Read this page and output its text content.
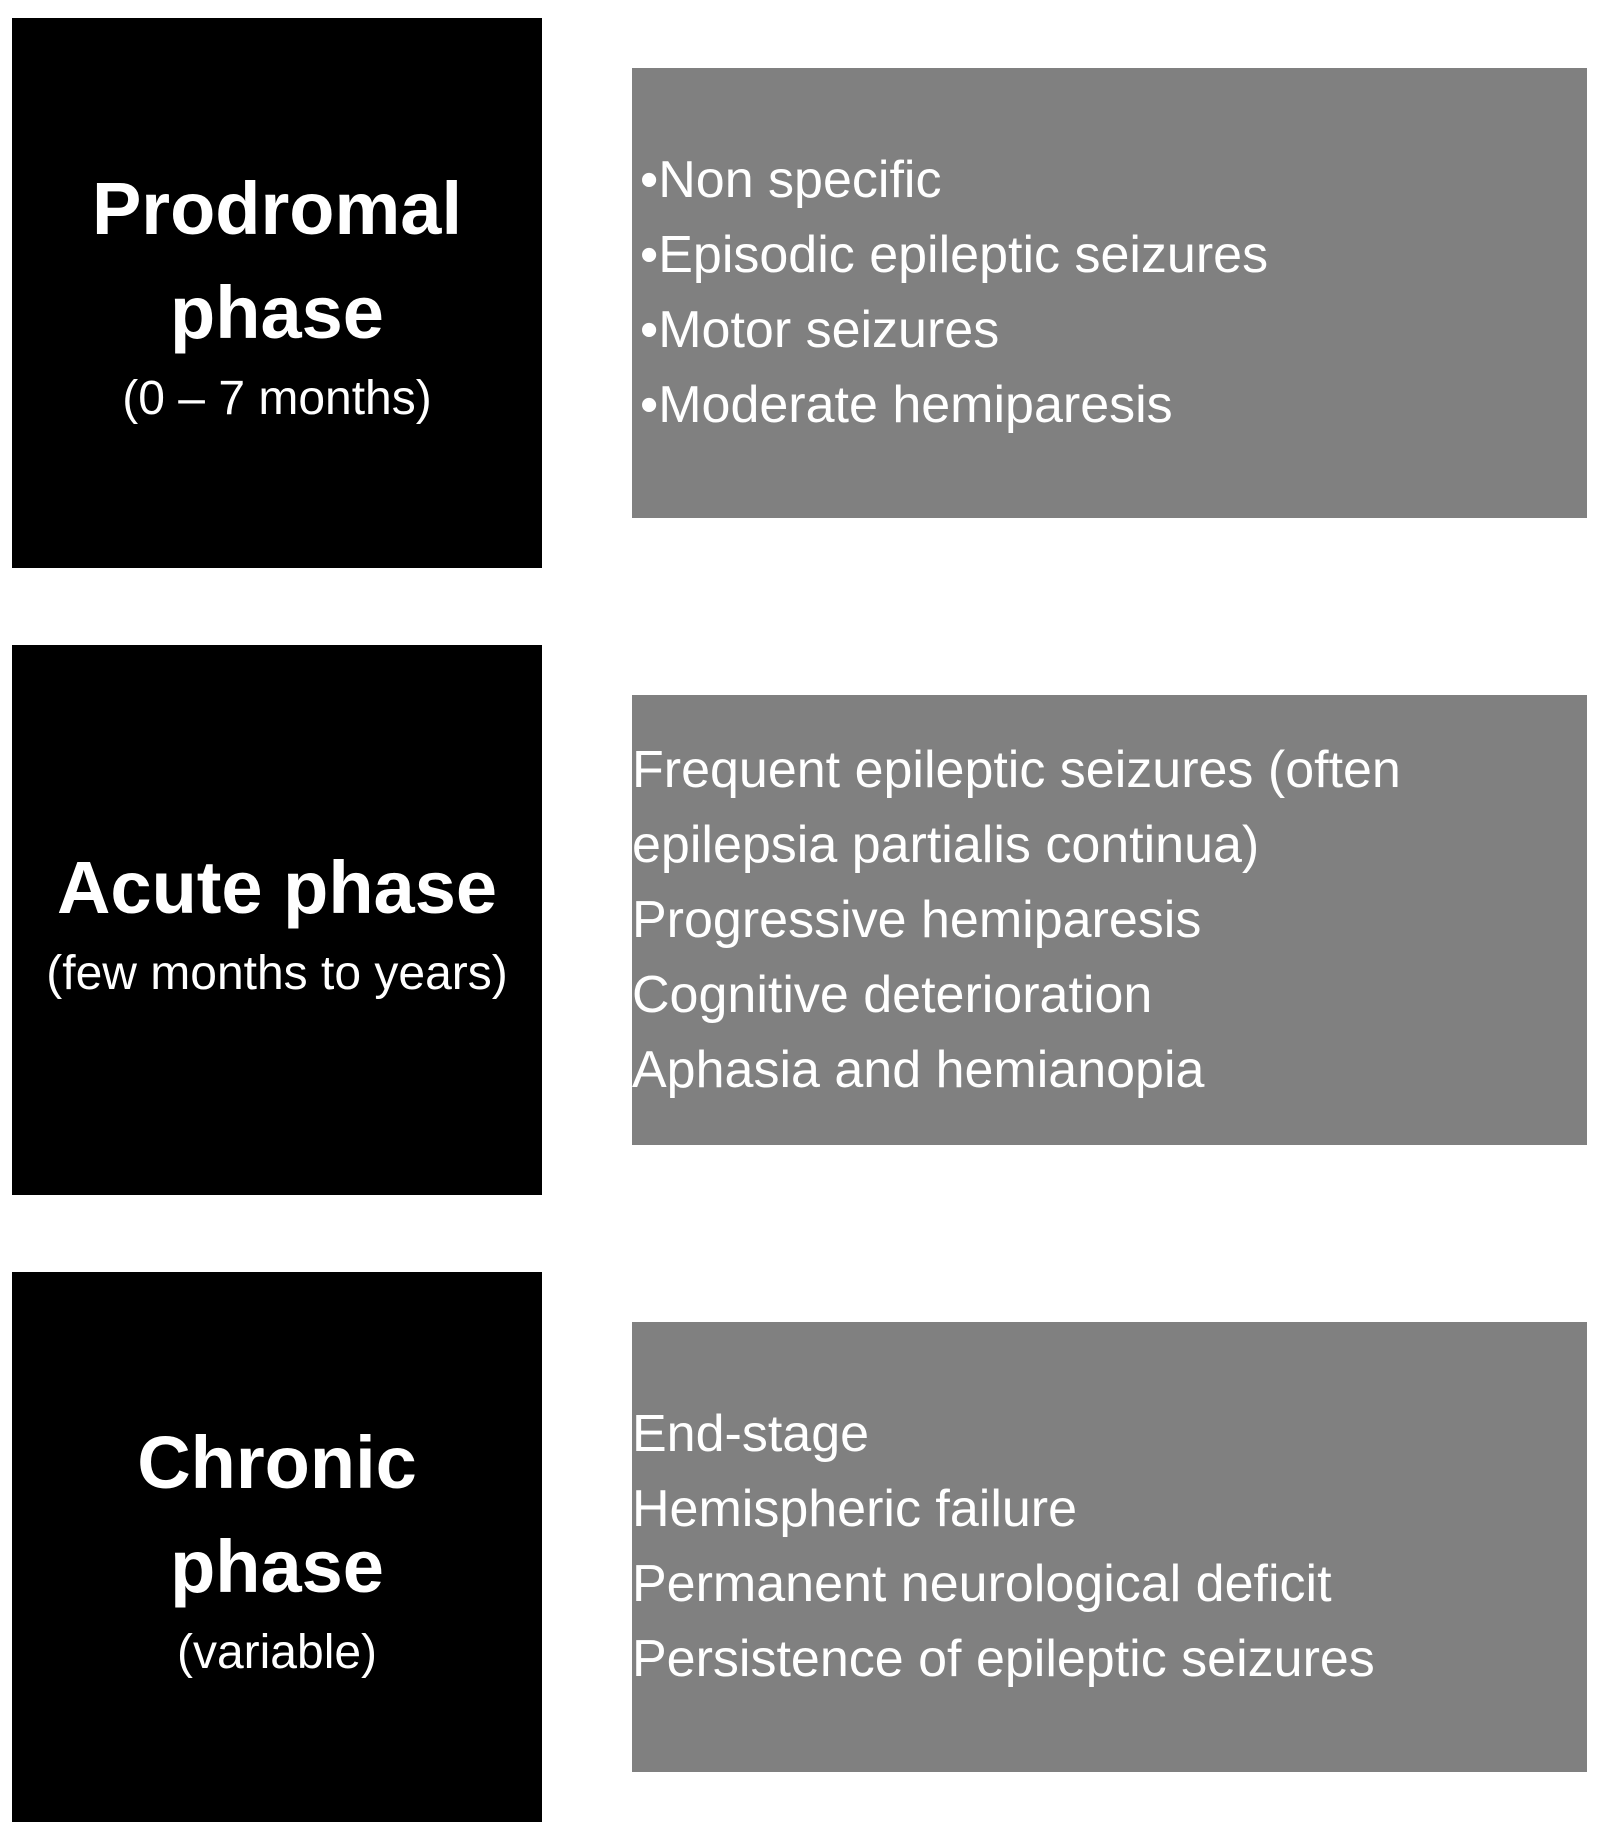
Prodromal
phase
(0 – 7 months)
• Non specific
• Episodic epileptic seizures
• Motor seizures
• Moderate hemiparesis
Acute phase
(few months to years)
• Frequent epileptic seizures (often epilepsia partialis continua)
• Progressive hemiparesis
• Cognitive deterioration
• Aphasia and hemianopia
Chronic phase
(variable)
• End-stage
• Hemispheric failure
• Permanent neurological deficit
• Persistence of epileptic seizures
